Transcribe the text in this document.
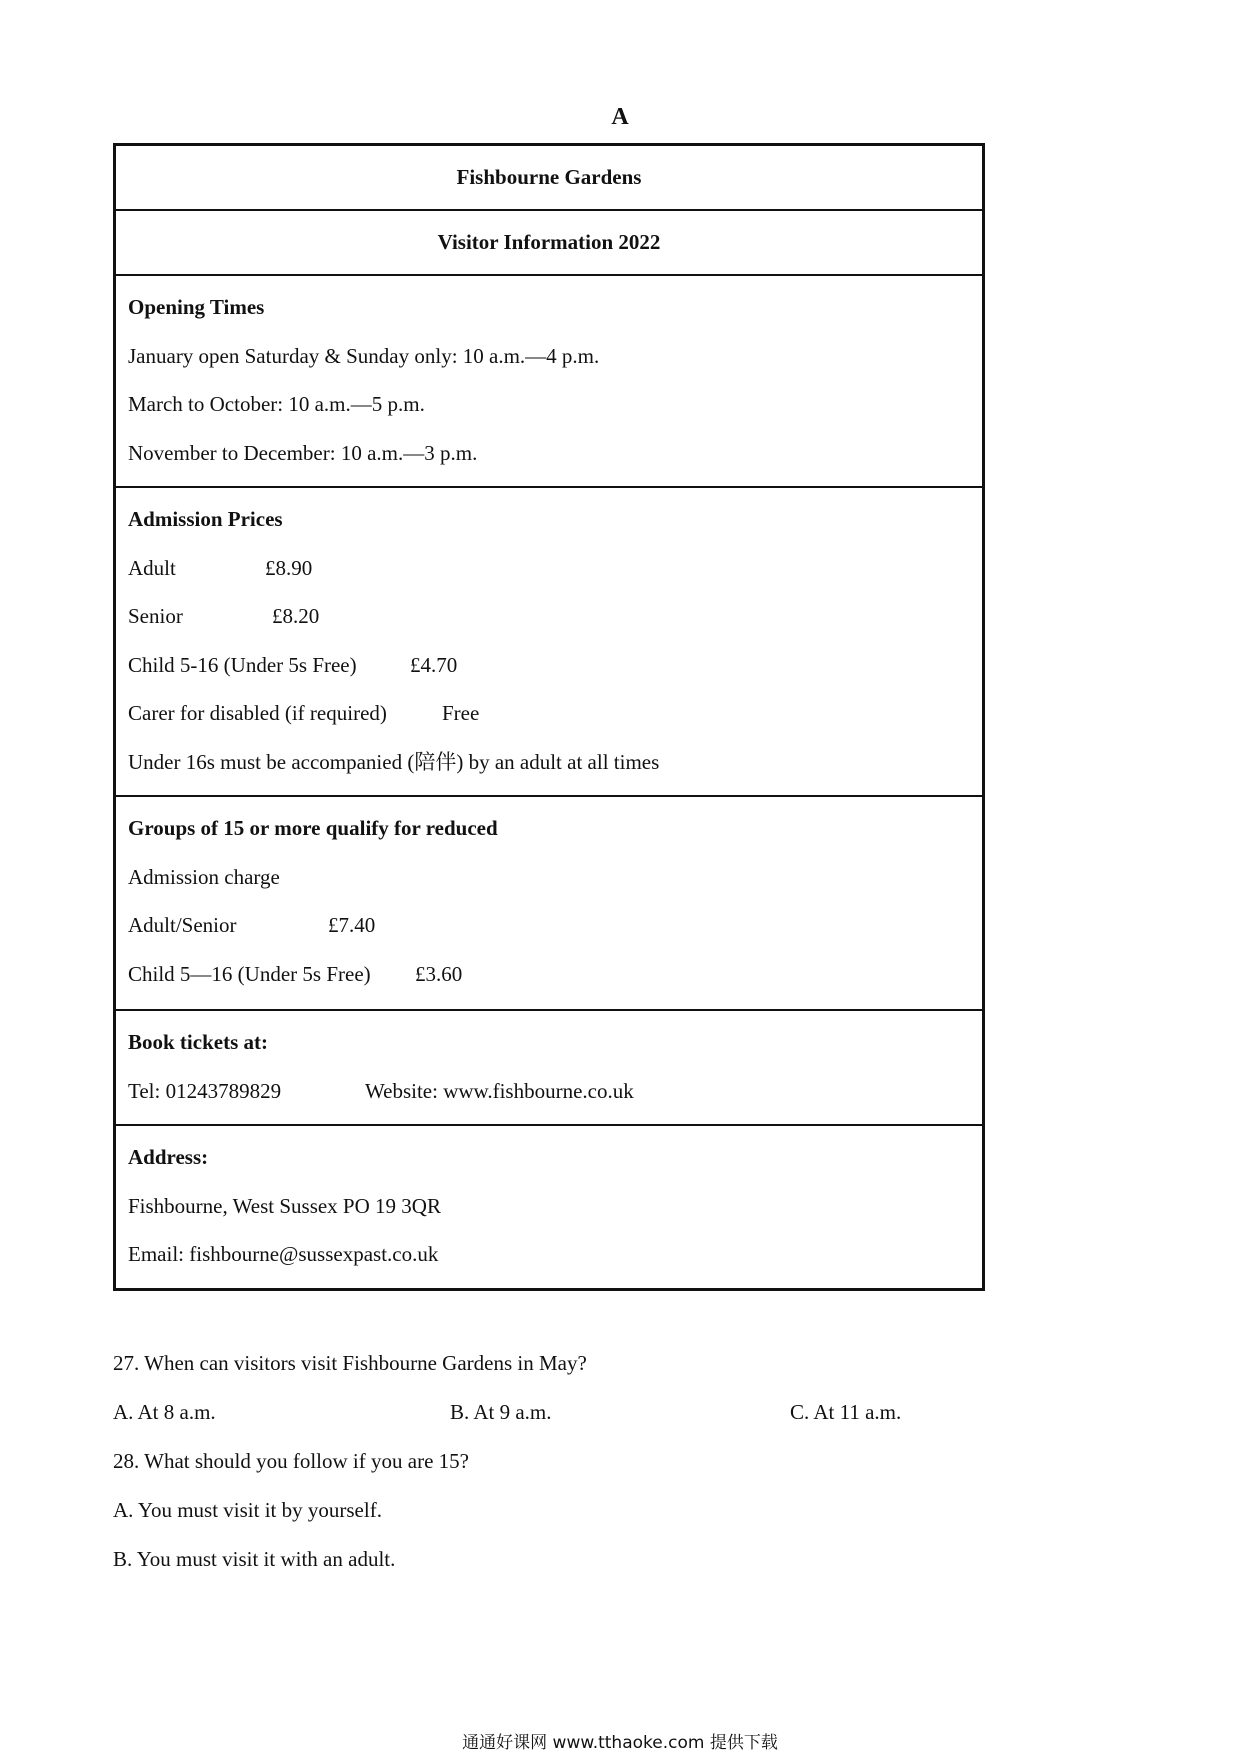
A
Fishbourne Gardens
Visitor Information 2022
Opening Times
January open Saturday & Sunday only: 10 a.m.—4 p.m.
March to October: 10 a.m.—5 p.m.
November to December: 10 a.m.—3 p.m.
Admission Prices
Adult	£8.90
Senior	£8.20
Child 5-16 (Under 5s Free)	£4.70
Carer for disabled (if required)	Free
Under 16s must be accompanied (陪伴) by an adult at all times
Groups of 15 or more qualify for reduced
Admission charge
Adult/Senior	£7.40
Child 5—16 (Under 5s Free) £3.60
Book tickets at:
Tel: 01243789829	Website: www.fishbourne.co.uk
Address:
Fishbourne, West Sussex PO 19 3QR
Email: fishbourne@sussexpast.co.uk
27. When can visitors visit Fishbourne Gardens in May?
A. At 8 a.m.	B. At 9 a.m.	C. At 11 a.m.
28. What should you follow if you are 15?
A. You must visit it by yourself.
B. You must visit it with an adult.
通通好课网 www.tthaoke.com 提供下载
